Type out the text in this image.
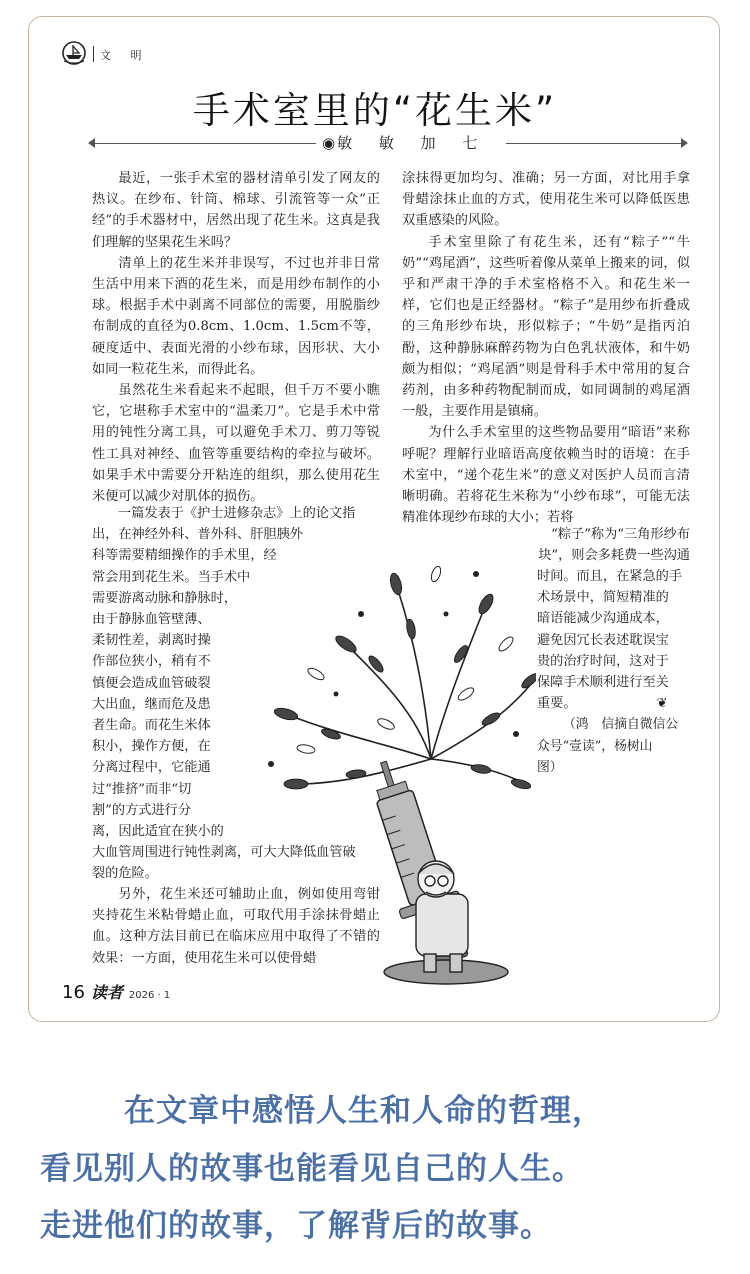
文 明
手术室里的“花生米”
◉敏 敏 加 七

最近，一张手术室的器材清单引发了网友的热议。在纱布、针筒、棉球、引流管等一众“正经”的手术器材中，居然出现了花生米。这真是我们理解的坚果花生米吗？

清单上的花生米并非误写，不过也并非日常生活中用来下酒的花生米，而是用纱布制作的小球。根据手术中剥离不同部位的需要，用脱脂纱布制成的直径为0.8cm、1.0cm、1.5cm不等，硬度适中、表面光滑的小纱布球，因形状、大小如同一粒花生米，而得此名。

虽然花生米看起来不起眼，但千万不要小瞧它，它堪称手术室中的“温柔刀”。它是手术中常用的钝性分离工具，可以避免手术刀、剪刀等锐性工具对神经、血管等重要结构的牵拉与破坏。如果手术中需要分开粘连的组织，那么使用花生米便可以减少对肌体的损伤。

一篇发表于《护士进修杂志》上的论文指
出，在神经外科、普外科、肝胆胰外
科等需要精细操作的手术里，经
常会用到花生米。当手术中
需要游离动脉和静脉时，
由于静脉血管壁薄、
柔韧性差，剥离时操
作部位狭小，稍有不
慎便会造成血管破裂
大出血，继而危及患
者生命。而花生米体
积小，操作方便，在
分离过程中，它能通
过“推挤”而非“切
割”的方式进行分
离，因此适宜在狭小的
大血管周围进行钝性剥离，可大大降低血管破
裂的危险。

另外，花生米还可辅助止血，例如使用弯钳夹持花生米粘骨蜡止血，可取代用手涂抹骨蜡止血。这种方法目前已在临床应用中取得了不错的效果：一方面，使用花生米可以使骨蜡

涂抹得更加均匀、准确；另一方面，对比用手拿骨蜡涂抹止血的方式，使用花生米可以降低医患双重感染的风险。

手术室里除了有花生米，还有“粽子”“牛奶”“鸡尾酒”，这些听着像从菜单上搬来的词，似乎和严肃干净的手术室格格不入。和花生米一样，它们也是正经器材。“粽子”是用纱布折叠成的三角形纱布块，形似粽子；“牛奶”是指丙泊酚，这种静脉麻醉药物为白色乳状液体，和牛奶颇为相似；“鸡尾酒”则是骨科手术中常用的复合药剂，由多种药物配制而成，如同调制的鸡尾酒一般，主要作用是镇痛。

为什么手术室里的这些物品要用“暗语”来称呼呢？理解行业暗语高度依赖当时的语境：在手术室中，“递个花生米”的意义对医护人员而言清晰明确。若将花生米称为“小纱布球”，可能无法精准体现纱布球的大小；若将

“粽子”称为“三角形纱布
块”，则会多耗费一些沟通
时间。而且，在紧急的手
术场景中，简短精准的
暗语能减少沟通成本，
避免因冗长表述耽误宝
贵的治疗时间，这对于
保障手术顺利进行至关
重要。	❦
（鸿　信摘自微信公
众号“壹读”，杨树山
图）
16 读者 2026 · 1
在文章中感悟人生和人命的哲理，
看见别人的故事也能看见自己的人生。
走进他们的故事，了解背后的故事。
